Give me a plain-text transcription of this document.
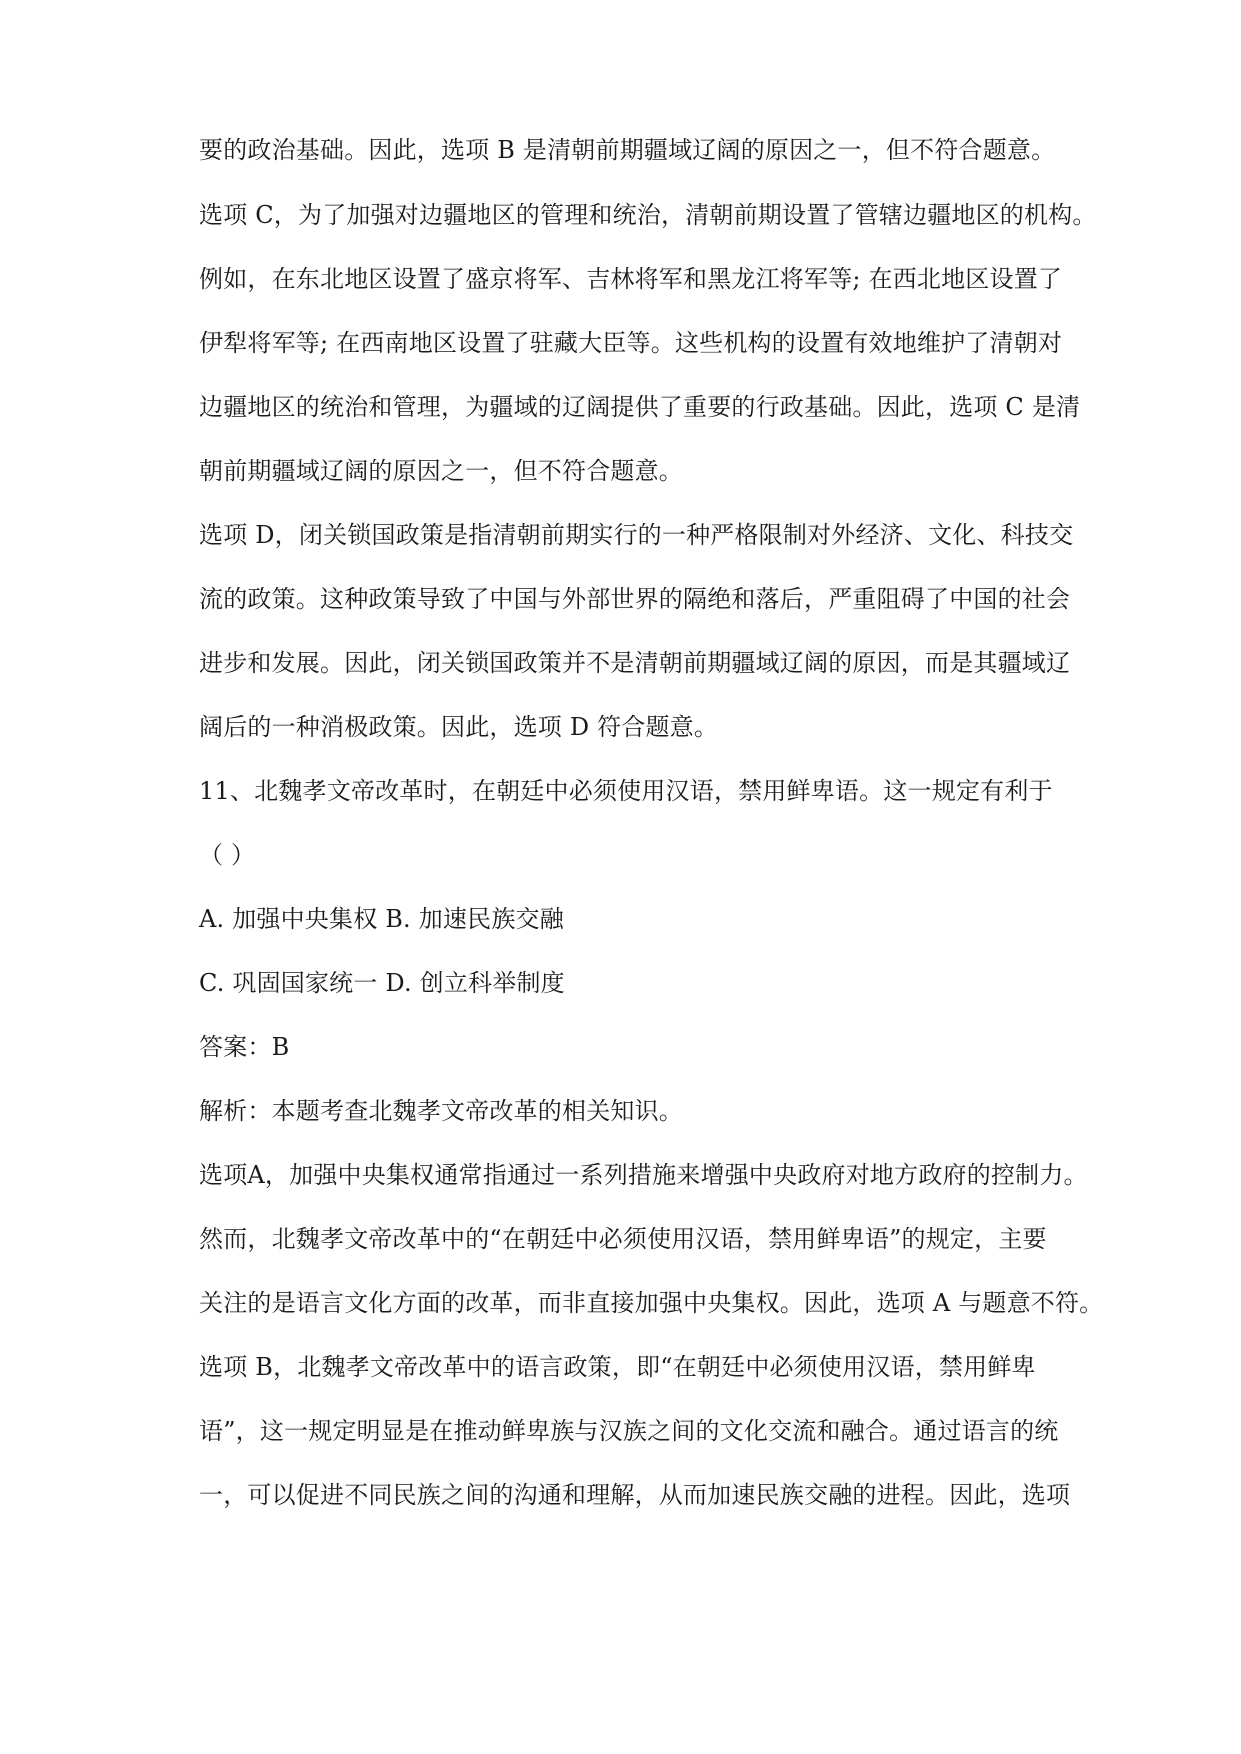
要的政治基础。因此，选项 B 是清朝前期疆域辽阔的原因之一，但不符合题意。
选项 C，为了加强对边疆地区的管理和统治，清朝前期设置了管辖边疆地区的机构。
例如，在东北地区设置了盛京将军、吉林将军和黑龙江将军等; 在西北地区设置了
伊犁将军等; 在西南地区设置了驻藏大臣等。这些机构的设置有效地维护了清朝对
边疆地区的统治和管理，为疆域的辽阔提供了重要的行政基础。因此，选项 C 是清
朝前期疆域辽阔的原因之一，但不符合题意。
选项 D，闭关锁国政策是指清朝前期实行的一种严格限制对外经济、文化、科技交
流的政策。这种政策导致了中国与外部世界的隔绝和落后，严重阻碍了中国的社会
进步和发展。因此，闭关锁国政策并不是清朝前期疆域辽阔的原因，而是其疆域辽
阔后的一种消极政策。因此，选项 D 符合题意。
11、北魏孝文帝改革时，在朝廷中必须使用汉语，禁用鲜卑语。这一规定有利于
（ ）
A. 加强中央集权 B. 加速民族交融
C. 巩固国家统一 D. 创立科举制度
答案：B
解析：本题考查北魏孝文帝改革的相关知识。
选项A，加强中央集权通常指通过一系列措施来增强中央政府对地方政府的控制力。
然而，北魏孝文帝改革中的“在朝廷中必须使用汉语，禁用鲜卑语”的规定，主要
关注的是语言文化方面的改革，而非直接加强中央集权。因此，选项 A 与题意不符。
选项 B，北魏孝文帝改革中的语言政策，即“在朝廷中必须使用汉语，禁用鲜卑
语”，这一规定明显是在推动鲜卑族与汉族之间的文化交流和融合。通过语言的统
一，可以促进不同民族之间的沟通和理解，从而加速民族交融的进程。因此，选项
